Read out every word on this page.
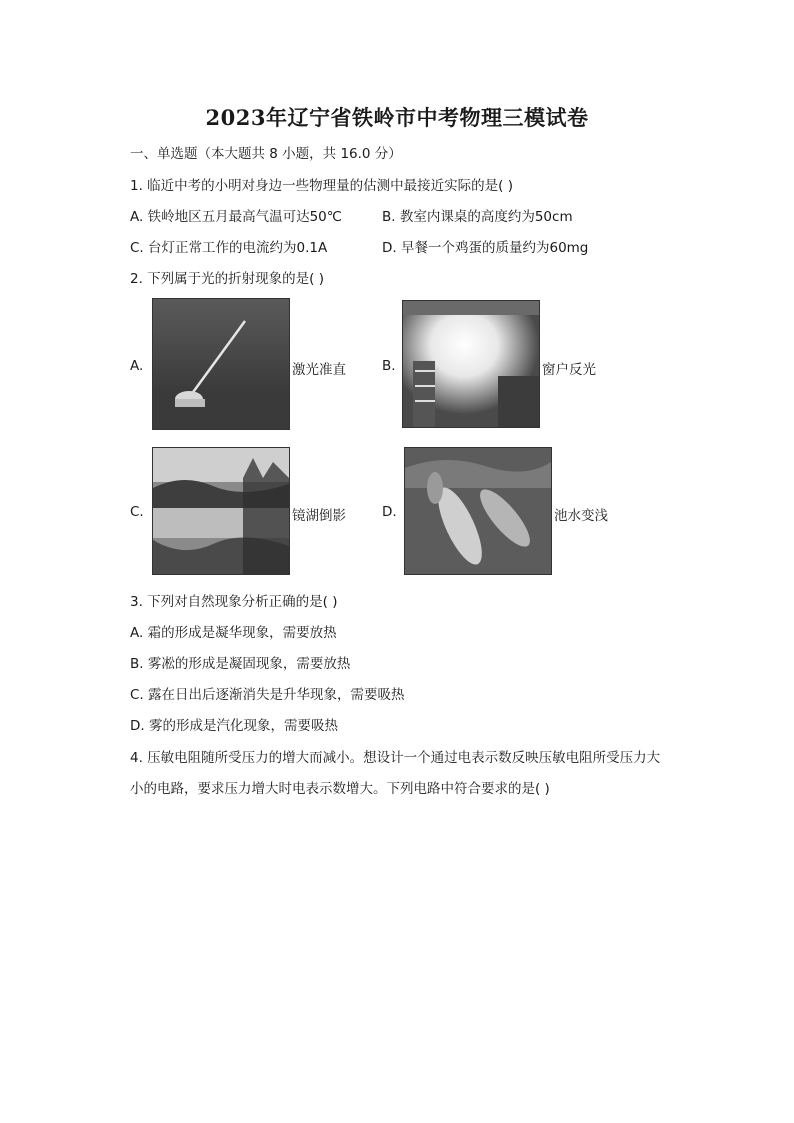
2023年辽宁省铁岭市中考物理三模试卷
一、单选题（本大题共 8 小题，共 16.0 分）
1. 临近中考的小明对身边一些物理量的估测中最接近实际的是( )
A. 铁岭地区五月最高气温可达50℃	B. 教室内课桌的高度约为50cm
C. 台灯正常工作的电流约为0.1A	D. 早餐一个鸡蛋的质量约为60mg
2. 下列属于光的折射现象的是( )
A.	激光准直	B.	窗户反光
C.	镜湖倒影	D.	池水变浅
3. 下列对自然现象分析正确的是( )
A. 霜的形成是凝华现象，需要放热
B. 雾凇的形成是凝固现象，需要放热
C. 露在日出后逐渐消失是升华现象，需要吸热
D. 雾的形成是汽化现象，需要吸热
4. 压敏电阻随所受压力的增大而减小。想设计一个通过电表示数反映压敏电阻所受压力大
小的电路，要求压力增大时电表示数增大。下列电路中符合要求的是( )
